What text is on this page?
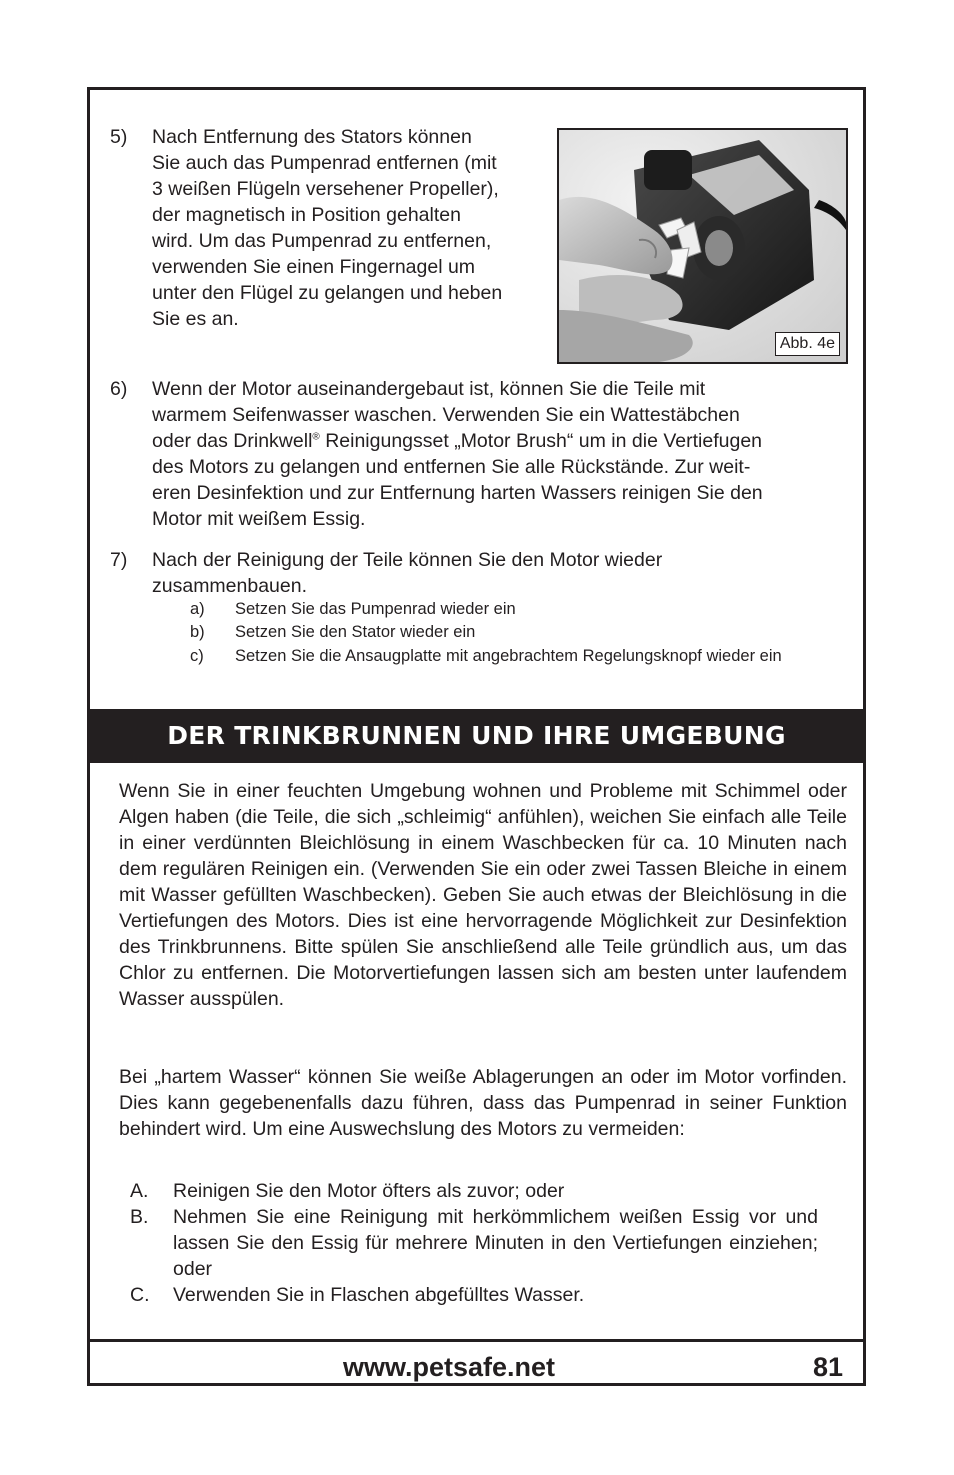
5) Nach Entfernung des Stators können
Sie auch das Pumpenrad entfernen (mit
3 weißen Flügeln versehener Propeller),
der magnetisch in Position gehalten
wird. Um das Pumpenrad zu entfernen,
verwenden Sie einen Fingernagel um
unter den Flügel zu gelangen und heben
Sie es an.
Abb. 4e
6) Wenn der Motor auseinandergebaut ist, können Sie die Teile mit
warmem Seifenwasser waschen. Verwenden Sie ein Wattestäbchen
oder das Drinkwell® Reinigungsset „Motor Brush“ um in die Vertiefugen
des Motors zu gelangen und entfernen Sie alle Rückstände. Zur weit-
eren Desinfektion und zur Entfernung harten Wassers reinigen Sie den
Motor mit weißem Essig.
7) Nach der Reinigung der Teile können Sie den Motor wieder
zusammenbauen.
a) Setzen Sie das Pumpenrad wieder ein
b) Setzen Sie den Stator wieder ein
c) Setzen Sie die Ansaugplatte mit angebrachtem Regelungsknopf wieder ein
DER TRINKBRUNNEN UND IHRE UMGEBUNG
Wenn Sie in einer feuchten Umgebung wohnen und Probleme mit Schimmel oder Algen haben (die Teile, die sich „schleimig“ anfühlen), weichen Sie einfach alle Teile in einer verdünnten Bleichlösung in einem Waschbecken für ca. 10 Minuten nach dem regulären Reinigen ein. (Verwenden Sie ein oder zwei Tassen Bleiche in einem mit Wasser gefüllten Waschbecken). Geben Sie auch etwas der Bleichlösung in die Vertiefungen des Motors. Dies ist eine hervorragende Möglichkeit zur Desinfektion des Trinkbrunnens. Bitte spülen Sie anschließend alle Teile gründlich aus, um das Chlor zu entfernen. Die Motorvertiefungen lassen sich am besten unter laufendem Wasser ausspülen.
Bei „hartem Wasser“ können Sie weiße Ablagerungen an oder im Motor vorfinden. Dies kann gegebenenfalls dazu führen, dass das Pumpenrad in seiner Funktion behindert wird. Um eine Auswechslung des Motors zu vermeiden:
A. Reinigen Sie den Motor öfters als zuvor; oder
B. Nehmen Sie eine Reinigung mit herkömmlichem weißen Essig vor und lassen Sie den Essig für mehrere Minuten in den Vertiefungen einziehen; oder
C. Verwenden Sie in Flaschen abgefülltes Wasser.
www.petsafe.net	81
